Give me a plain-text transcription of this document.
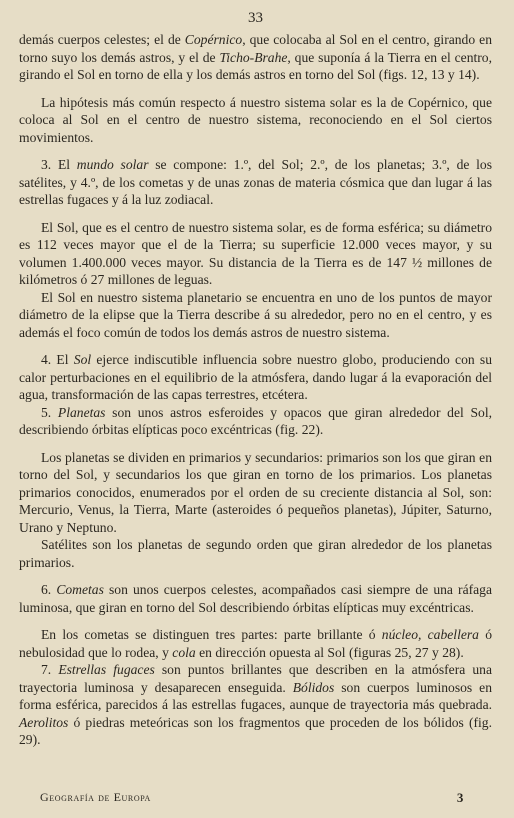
33

demás cuerpos celestes; el de Copérnico, que colocaba al Sol en el centro, girando en torno suyo los demás astros, y el de Ticho-Brahe, que suponía á la Tierra en el centro, girando el Sol en torno de ella y los demás astros en torno del Sol (figs. 12, 13 y 14).

La hipótesis más común respecto á nuestro sistema solar es la de Copérnico, que coloca al Sol en el centro de nuestro sistema, reconociendo en el Sol ciertos movimientos.

3. El mundo solar se compone: 1.º, del Sol; 2.º, de los planetas; 3.º, de los satélites, y 4.º, de los cometas y de unas zonas de materia cósmica que dan lugar á las estrellas fugaces y á la luz zodiacal.

El Sol, que es el centro de nuestro sistema solar, es de forma esférica; su diámetro es 112 veces mayor que el de la Tierra; su superficie 12.000 veces mayor, y su volumen 1.400.000 veces mayor. Su distancia de la Tierra es de 147 ½ millones de kilómetros ó 27 millones de leguas.

El Sol en nuestro sistema planetario se encuentra en uno de los puntos de mayor diámetro de la elipse que la Tierra describe á su alrededor, pero no en el centro, y es además el foco común de todos los demás astros de nuestro sistema.

4. El Sol ejerce indiscutible influencia sobre nuestro globo, produciendo con su calor perturbaciones en el equilibrio de la atmósfera, dando lugar á la evaporación del agua, transformación de las capas terrestres, etcétera.

5. Planetas son unos astros esferoides y opacos que giran alrededor del Sol, describiendo órbitas elípticas poco excéntricas (fig. 22).

Los planetas se dividen en primarios y secundarios: primarios son los que giran en torno del Sol, y secundarios los que giran en torno de los primarios. Los planetas primarios conocidos, enumerados por el orden de su creciente distancia al Sol, son: Mercurio, Venus, la Tierra, Marte (asteroides ó pequeños planetas), Júpiter, Saturno, Urano y Neptuno.

Satélites son los planetas de segundo orden que giran alrededor de los planetas primarios.

6. Cometas son unos cuerpos celestes, acompañados casi siempre de una ráfaga luminosa, que giran en torno del Sol describiendo órbitas elípticas muy excéntricas.

En los cometas se distinguen tres partes: parte brillante ó núcleo, cabellera ó nebulosidad que lo rodea, y cola en dirección opuesta al Sol (figuras 25, 27 y 28).

7. Estrellas fugaces son puntos brillantes que describen en la atmósfera una trayectoria luminosa y desaparecen enseguida. Bólidos son cuerpos luminosos en forma esférica, parecidos á las estrellas fugaces, aunque de trayectoria más quebrada. Aerolitos ó piedras meteóricas son los fragmentos que proceden de los bólidos (fig. 29).

Geografía de Europa	3
